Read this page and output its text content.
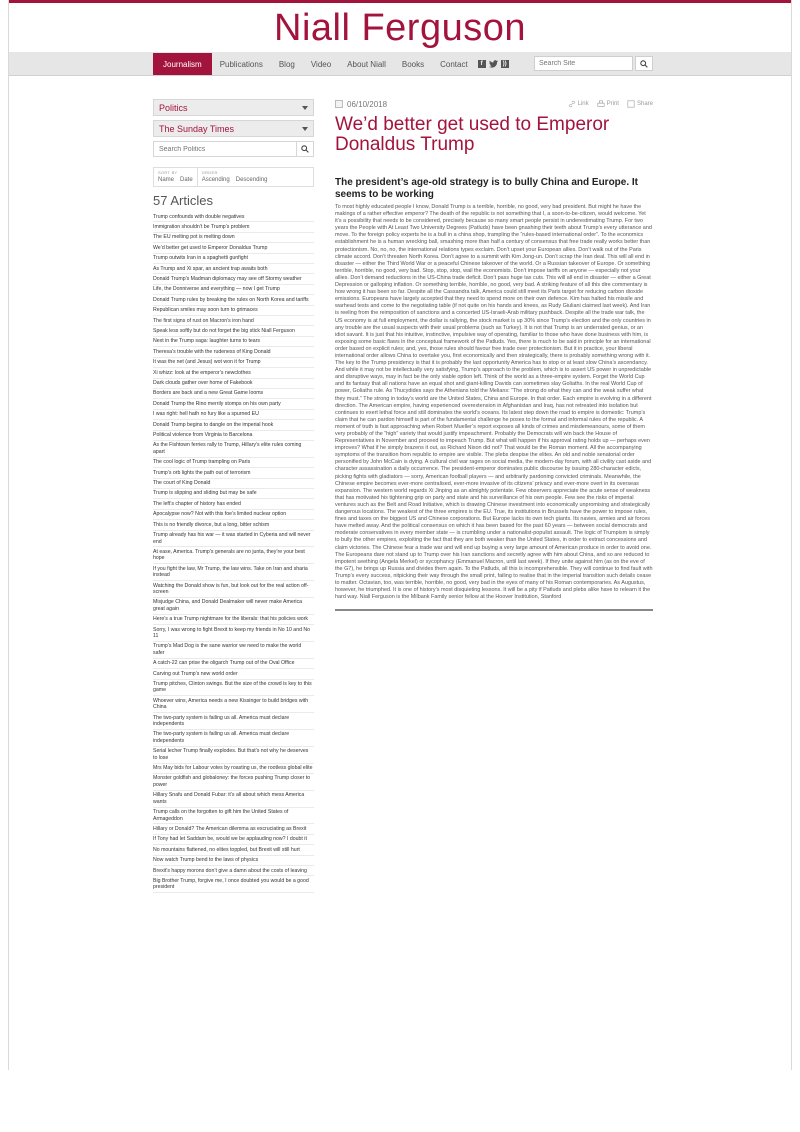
Niall Ferguson
Journalism	Publications	Blog	Video	About Niall	Books	Contact	f	))
Search Site
Politics
The Sunday Times
Search Politics
SORT BY
Name Date
ORDER
Ascending Descending
57 Articles
Trump confounds with double negatives
Immigration shouldn’t be Trump’s problem
The EU melting pot is melting down
We’d better get used to Emperor Donaldus Trump
Trump outwits Iran in a spaghetti gunfight
As Trump and Xi spar, an ancient trap awaits both
Donald Trump’s Madman diplomacy may see off Stormy weather
Life, the Donniverse and everything — now I get Trump
Donald Trump rules by breaking the rules on North Korea and tariffs
Republican smiles may soon turn to grimaces
The first signs of rust on Macron’s iron hand
Speak less softly but do not forget the big stick Niall Ferguson
Next in the Trump saga: laughter turns to tears
Theresa’s trouble with the rudeness of King Donald
It was the net (and Jesus) wot won it for Trump
Xi whizz: look at the emperor’s newclothes
Dark clouds gather over home of Fakebook
Borders are back and a new Great Game looms
Donald Trump the Rino merrily stomps on his own party
I was right: hell hath no fury like a spurned EU
Donald Trump begins to dangle on the imperial hook
Political violence from Virginia to Barcelona
As the Fishtown ferries rally to Trump, Hillary’s elite rules coming apart
The cool logic of Trump trampling on Paris
Trump’s orb lights the path out of terrorism
The court of King Donald
Trump is slipping and sliding but may be safe
The left’s chapter of history has ended
Apocalypse now? Not with this foe’s limited nuclear option
This is no friendly divorce, but a long, bitter schism
Trump already has his war — it was started in Cyberia and will never end
At ease, America. Trump’s generals are no junta, they’re your best hope
If you fight the law, Mr Trump, the law wins. Take on Iran and sharia instead
Watching the Donald show is fun, but look out for the real action off-screen
Misjudge China, and Donald Dealmaker will never make America great again
Here’s a true Trump nightmare for the liberals: that his policies work
Sorry, I was wrong to fight Brexit to keep my friends in No 10 and No 11
Trump’s Mad Dog is the sane warrior we need to make the world safer
A catch-22 can prise the oligarch Trump out of the Oval Office
Carving out Trump’s new world order
Trump pitches, Clinton swings. But the size of the crowd is key to this game
Whoever wins, America needs a new Kissinger to build bridges with China
The two-party system is failing us all. America must declare independents
The two-party system is failing us all. America must declare independents
Serial lecher Trump finally explodes. But that’s not why he deserves to lose
Mrs May bids for Labour votes by roasting us, the rootless global elite
Monster goldfish and globaloney: the forces pushing Trump closer to power
Hillary Snafu and Donald Fubar: it’s all about which mess America wants
Trump calls on the forgotten to gift him the United States of Armageddon
Hillary or Donald? The American dilemma as excruciating as Brexit
If Tony had let Saddam be, would we be applauding now? I doubt it
No mountains flattened, no elites toppled, but Brexit will still hurt
Now watch Trump bend to the laws of physics
Brexit’s happy morons don’t give a damn about the costs of leaving
Big Brother Trump, forgive me, I once doubted you would be a good president
06/10/2018	Link	Print	Share
We’d better get used to Emperor Donaldus Trump
The president’s age-old strategy is to bully China and Europe. It seems to be working

To most highly educated people I know, Donald Trump is a terrible, horrible, no good, very bad president. But might he have the makings of a rather effective emperor? The death of the republic is not something that I, a soon-to-be-citizen, would welcome. Yet it’s a possibility that needs to be considered, precisely because so many smart people persist in underestimating Trump. For two years the People with At Least Two University Degrees (Patluds) have been gnashing their teeth about Trump’s every utterance and move. To the foreign policy experts he is a bull in a china shop, trampling the “rules-based international order”. To the economics establishment he is a human wrecking ball, smashing more than half a century of consensus that free trade really works better than protectionism. No, no, no, the international relations types exclaim. Don’t upset your European allies. Don’t walk out of the Paris climate accord. Don’t threaten North Korea. Don’t agree to a summit with Kim Jong-un. Don’t scrap the Iran deal. This will all end in disaster — either the Third World War or a peaceful Chinese takeover of the world. Or a Russian takeover of Europe. Or something terrible, horrible, no good, very bad. Stop, stop, stop, wail the economists. Don’t impose tariffs on anyone — especially not your allies. Don’t demand reductions in the US-China trade deficit. Don’t pass huge tax cuts. This will all end in disaster — either a Great Depression or galloping inflation. Or something terrible, horrible, no good, very bad. A striking feature of all this dire commentary is how wrong it has been so far. Despite all the Cassandra talk, America could still meet its Paris target for reducing carbon dioxide emissions. Europeans have largely accepted that they need to spend more on their own defence. Kim has halted his missile and warhead tests and come to the negotiating table (if not quite on his hands and knees, as Rudy Giuliani claimed last week). And Iran is reeling from the reimposition of sanctions and a concerted US-Israeli-Arab military pushback. Despite all the trade war talk, the US economy is at full employment, the dollar is rallying, the stock market is up 30% since Trump’s election and the only countries in any trouble are the usual suspects with their usual problems (such as Turkey). It is not that Trump is an underrated genius, or an idiot savant. It is just that his intuitive, instinctive, impulsive way of operating, familiar to those who have done business with him, is exposing some basic flaws in the conceptual framework of the Patluds. Yes, there is much to be said in principle for an international order based on explicit rules; and, yes, those rules should favour free trade over protectionism. But it in practice, your liberal international order allows China to overtake you, first economically and then strategically, there is probably something wrong with it. The key to the Trump presidency is that it is probably the last opportunity America has to stop or at least slow China’s ascendancy. And while it may not be intellectually very satisfying, Trump’s approach to the problem, which is to assert US power in unpredictable and disruptive ways, may in fact be the only viable option left. Think of the world as a three-empire system. Forget the World Cup and its fantasy that all nations have an equal shot and giant-killing Davids can sometimes slay Goliaths. In the real World Cup of power, Goliaths rule. As Thucydides says the Athenians told the Melians: “The strong do what they can and the weak suffer what they must.” The strong in today’s world are the United States, China and Europe. In that order. Each empire is evolving in a different direction. The American empire, having experienced overextension in Afghanistan and Iraq, has not retreated into isolation but continues to exert lethal force and still dominates the world’s oceans. Its latest step down the road to empire is domestic: Trump’s claim that he can pardon himself is part of the fundamental challenge he poses to the formal and informal rules of the republic. A moment of truth is fast approaching when Robert Mueller’s report exposes all kinds of crimes and misdemeanours, some of them very probably of the “high” variety that would justify impeachment. Probably the Democrats will win back the House of Representatives in November and proceed to impeach Trump. But what will happen if his approval rating holds up — perhaps even improves? What if he simply brazens it out, as Richard Nixon did not? That would be the Roman moment. All the accompanying symptoms of the transition from republic to empire are visible. The plebs despise the elites. An old and noble senatorial order personified by John McCain is dying. A cultural civil war rages on social media, the modern-day forum, with all civility cast aside and character assassination a daily occurrence. The president-emperor dominates public discourse by issuing 280-character edicts, picking fights with gladiators — sorry, American football players — and arbitrarily pardoning convicted criminals. Meanwhile, the Chinese empire becomes ever-more centralised, ever-more invasive of its citizens’ privacy and ever-more overt in its overseas expansion. The western world regards Xi Jinping as an almighty potentate. Few observers appreciate the acute sense of weakness that has motivated his tightening grip on party and state and his surveillance of his own people. Few see the risks of imperial ventures such as the Belt and Road Initiative, which is drawing Chinese investment into economically unpromising and strategically dangerous locations. The weakest of the three empires is the EU. True, its institutions in Brussels have the power to impose rules, fines and taxes on the biggest US and Chinese corporations. But Europe lacks its own tech giants. Its navies, armies and air forces have melted away. And the political consensus on which it has been based for the past 60 years — between social democrats and moderate conservatives in every member state — is crumbling under a nationalist-populist assault. The logic of Trumpism is simply to bully the other empires, exploiting the fact that they are both weaker than the United States, in order to extract concessions and claim victories. The Chinese fear a trade war and will end up buying a very large amount of American produce in order to avoid one. The Europeans dare not stand up to Trump over his Iran sanctions and secretly agree with him about China, and so are reduced to impotent seething (Angela Merkel) or sycophancy (Emmanuel Macron, until last week). If they unite against him (as on the eve of the G7), he brings up Russia and divides them again. To the Patluds, all this is incomprehensible. They will continue to find fault with Trump’s every success, nitpicking their way through the small print, failing to realise that in the imperial transition such details cease to matter. Octavian, too, was terrible, horrible, no good, very bad in the eyes of many of his Roman contemporaries. As Augustus, however, he triumphed. It is one of history’s most disquieting lessons. It will be a pity if Patluds and plebs alike have to relearn it the hard way. Niall Ferguson is the Milbank Family senior fellow at the Hoover Institution, Stanford
